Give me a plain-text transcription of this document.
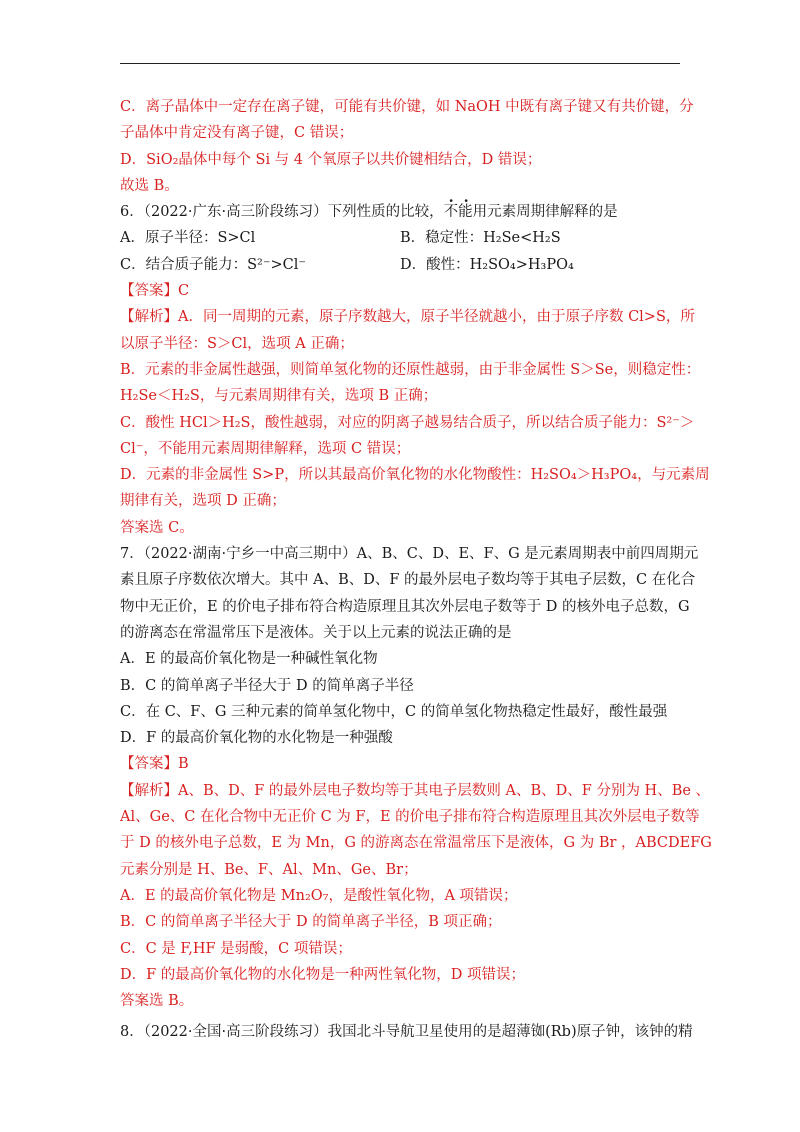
C．离子晶体中一定存在离子键，可能有共价键，如 NaOH 中既有离子键又有共价键，分
子晶体中肯定没有离子键，C 错误；
D．SiO₂晶体中每个 Si 与 4 个氧原子以共价键相结合，D 错误；
故选 B。
6．（2022·广东·高三阶段练习）下列性质的比较，不能用元素周期律解释的是
A．原子半径：S>Cl	B．稳定性：H₂Se<H₂S
C．结合质子能力：S²⁻>Cl⁻	D．酸性：H₂SO₄>H₃PO₄
【答案】C
【解析】A．同一周期的元素，原子序数越大，原子半径就越小，由于原子序数 Cl>S，所
以原子半径：S＞Cl，选项 A 正确；
B．元素的非金属性越强，则简单氢化物的还原性越弱，由于非金属性 S＞Se，则稳定性：
H₂Se＜H₂S，与元素周期律有关，选项 B 正确；
C．酸性 HCl＞H₂S，酸性越弱，对应的阴离子越易结合质子，所以结合质子能力：S²⁻＞
Cl⁻，不能用元素周期律解释，选项 C 错误；
D．元素的非金属性 S>P，所以其最高价氧化物的水化物酸性：H₂SO₄＞H₃PO₄，与元素周
期律有关，选项 D 正确；
答案选 C。
7．（2022·湖南·宁乡一中高三期中）A、B、C、D、E、F、G 是元素周期表中前四周期元
素且原子序数依次增大。其中 A、B、D、F 的最外层电子数均等于其电子层数，C 在化合
物中无正价，E 的价电子排布符合构造原理且其次外层电子数等于 D 的核外电子总数，G
的游离态在常温常压下是液体。关于以上元素的说法正确的是
A．E 的最高价氧化物是一种碱性氧化物
B．C 的简单离子半径大于 D 的简单离子半径
C．在 C、F、G 三种元素的简单氢化物中，C 的简单氢化物热稳定性最好，酸性最强
D．F 的最高价氧化物的水化物是一种强酸
【答案】B
【解析】A、B、D、F 的最外层电子数均等于其电子层数则 A、B、D、F 分别为 H、Be 、
Al、Ge、C 在化合物中无正价 C 为 F，E 的价电子排布符合构造原理且其次外层电子数等
于 D 的核外电子总数，E 为 Mn，G 的游离态在常温常压下是液体，G 为 Br ，ABCDEFG
元素分别是 H、Be、F、Al、Mn、Ge、Br；
A．E 的最高价氧化物是 Mn₂O₇，是酸性氧化物，A 项错误；
B．C 的简单离子半径大于 D 的简单离子半径，B 项正确；
C．C 是 F,HF 是弱酸，C 项错误；
D．F 的最高价氧化物的水化物是一种两性氧化物，D 项错误；
答案选 B。
8．（2022·全国·高三阶段练习）我国北斗导航卫星使用的是超薄铷(Rb)原子钟，该钟的精
